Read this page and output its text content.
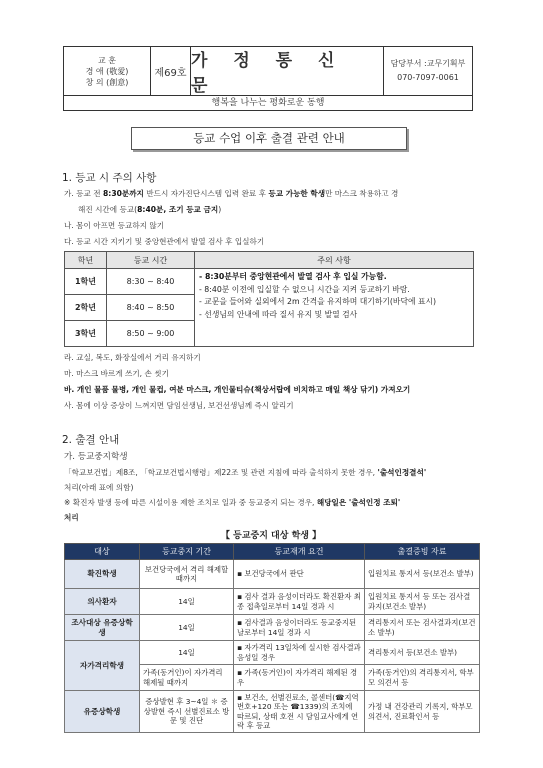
교 훈
경 애 (敬愛)
창 의 (創意)
제69호
가 정 통 신 문
담당부서 :교무기획부
070-7097-0061
행복을 나누는 평화로운 동행
등교 수업 이후 출결 관련 안내
1. 등교 시 주의 사항
가. 등교 전 8:30분까지 반드시 자가진단시스템 입력 완료 후 등교 가능한 학생만 마스크 착용하고 경
해진 시간에 등교(8:40분, 조기 등교 금지)
나. 몸이 아프면 등교하지 않기
다. 등교 시간 지키기 및 중앙현관에서 발열 검사 후 입실하기
학년	등교 시간	주의 사항
1학년	8:30 ~ 8:40	- 8:30분부터 중앙현관에서 발열 검사 후 입실 가능함.
- 8:40분 이전에 입실할 수 없으니 시간을 지켜 등교하기 바람.
- 교문을 들어와 실외에서 2m 간격을 유지하며 대기하기(바닥에 표시)
- 선생님의 안내에 따라 질서 유지 및 발열 검사

2학년	8:40 ~ 8:50	
3학년	8:50 ~ 9:00	
라. 교실, 복도, 화장실에서 거리 유지하기
마. 마스크 바르게 쓰기, 손 씻기
바. 개인 물품 물병, 개인 물컵, 여분 마스크, 개인물티슈(책상서랍에 비치하고 매일 책상 닦기) 가져오기
사. 몸에 이상 증상이 느껴지면 담임선생님, 보건선생님께 즉시 알리기
2. 출결 안내
가. 등교중지학생
「학교보건법」제8조, 「학교보건법시행령」제22조 및 관련 지침에 따라 출석하지 못한 경우, '출석인정결석'
처리(아래 표에 의함)
※ 확진자 발생 등에 따른 시설이용 제한 조치로 일과 중 등교중지 되는 경우, 해당일은 '출석인정 조퇴'
처리
【 등교중지 대상 학생 】
대상	등교중지 기간	등교재개 요건	출결증빙 자료
확진학생	보건당국에서 격리 해제할 때까지	▪ 보건당국에서 판단	입원치료 통지서 등(보건소 발부)
의사환자	14일	▪ 검사 결과 음성이더라도 확진환자 최종 접촉일로부터 14일 경과 시	입원치료 통지서 등 또는 검사결과지(보건소 발부)
조사대상 유증상학생	14일	▪ 검사결과 음성이더라도 등교중지된 날로부터 14일 경과 시	격리통지서 또는 검사결과지(보건소 발부)
자가격리학생	14일	▪ 자가격리 13일차에 실시한 검사결과 음성일 경우	격리통지서 등(보건소 발부)
	가족(동거인)이 자가격리 해제될 때까지	▪ 가족(동거인)이 자가격리 해제된 경우	가족(동거인)의 격리통지서, 학부모 의견서 등
유증상학생	증상발현 후 3~4일 ＊ 증상발현 즉시 선별진료소 방문 및 진단	▪ 보건소, 선별진료소, 콜센터(☎지역번호+120 또는 ☎1339)의 조치에 따르되, 상태 호전 시 담임교사에게 연락 후 등교	가정 내 건강관리 기록지, 학부모의견서, 진료확인서 등
